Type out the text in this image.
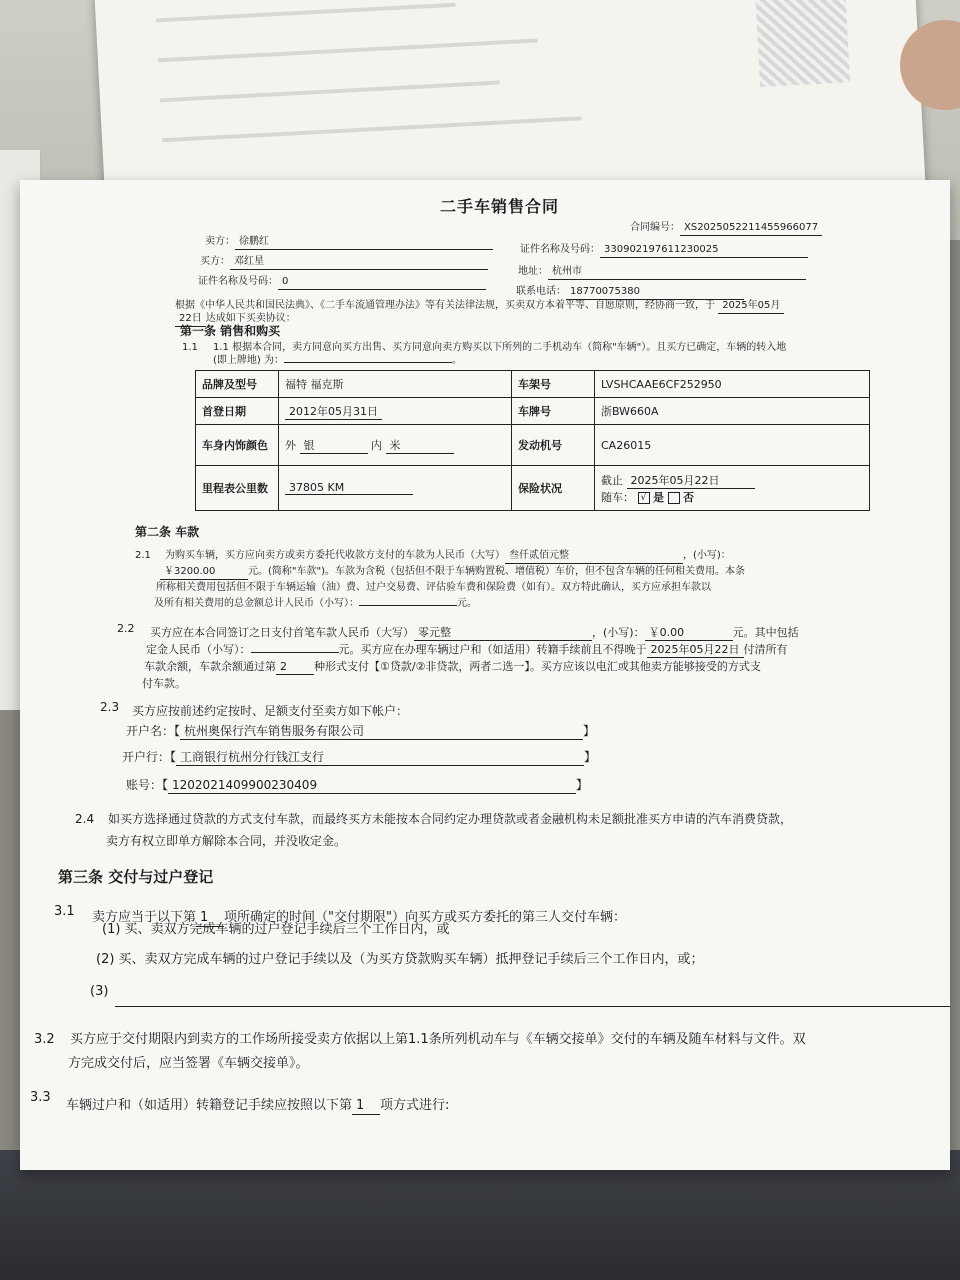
二手车销售合同
合同编号： XS20250522114559660​77
卖方： 徐鹏红
证件名称及号码： 330902197611230025
买方： 邓红星
地址： 杭州市
证件名称及号码： 0
联系电话： 18770075380
根据《中华人民共和国民法典》、《二手车流通管理办法》等有关法律法规，买卖双方本着平等、自愿原则，经协商一致，于 2025年05月
22日 达成如下买卖协议：
第一条 销售和购买
1.1 1.1 根据本合同，卖方同意向买方出售、买方同意向卖方购买以下所列的二手机动车（简称"车辆"）。且买方已确定，车辆的转入地
(即上牌地) 为：	。
品牌及型号	福特 福克斯	车架号	LVSHCAAE6CF252950
首登日期	2012年05月31日	车牌号	浙BW660A
车身内饰颜色	外 银 内 米	发动机号	CA26015
里程表公里数	37805 KM	保险状况	截止 2025年05月22日
随车： √ 是 否
第二条 车款
2.1 为购买车辆，买方应向卖方或卖方委托代收款方支付的车款为人民币（大写） 叁仟贰佰元整	，(小写)：
￥3200.00	元。(简称"车款")。车款为含税（包括但不限于车辆购置税、增值税）车价，但不包含车辆的任何相关费用。本条
所称相关费用包括但不限于车辆运输（油）费、过户交易费、评估验车费和保险费（如有）。双方特此确认，买方应承担车款以
及所有相关费用的总金额总计人民币（小写）：	元。
2.2 买方应在本合同签订之日支付首笔车款人民币（大写） 零元整	，(小写)： ￥0.00	元。其中包括
定金人民币（小写）：	元。买方应在办理车辆过户和（如适用）转籍手续前且不得晚于 2025年05月22日 付清所有
车款余额，车款余额通过第 2 种形式支付【①贷款/②非贷款，两者二选一】。买方应该以电汇或其他卖方能够接受的方式支
付车款。
2.3 买方应按前述约定按时、足额支付至卖方如下帐户：
开户名：【 杭州奥保行汽车销售服务有限公司	】
开户行：【 工商银行杭州分行钱江支行	】
账号：【 1202021409900230409	】
2.4 如买方选择通过贷款的方式支付车款，而最终买方未能按本合同约定办理贷款或者金融机构未足额批准买方申请的汽车消费贷款，
卖方有权立即单方解除本合同，并没收定金。
第三条 交付与过户登记
3.1 卖方应当于以下第 1 项所确定的时间（"交付期限"）向买方或买方委托的第三人交付车辆：
(1) 买、卖双方完成车辆的过户登记手续后三个工作日内，或
(2) 买、卖双方完成车辆的过户登记手续以及（为买方贷款购买车辆）抵押登记手续后三个工作日内，或；
(3)
3.2 买方应于交付期限内到卖方的工作场所接受卖方依据以上第1.1条所列机动车与《车辆交接单》交付的车辆及随车材料与文件。双
方完成交付后，应当签署《车辆交接单》。
3.3
车辆过户和（如适用）转籍登记手续应按照以下第 1 项方式进行:
